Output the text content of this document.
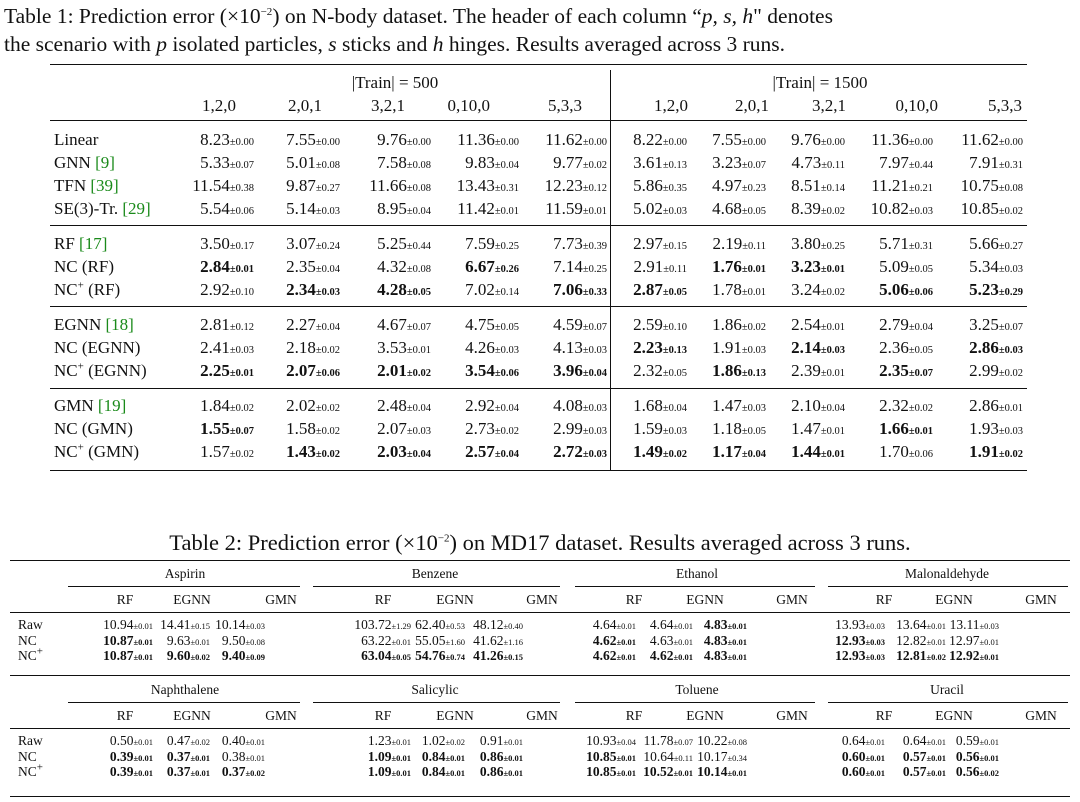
Table 1: Prediction error $(\times 10^{-2})$ on N-body dataset. The header of each column “p, s, h" denotes
the scenario with p isolated particles, s sticks and h hinges. Results averaged across 3 runs.
|Train| = 500	|Train| = 1500
1,2,0	2,0,1	3,2,1	0,10,0	5,3,3	1,2,0	2,0,1	3,2,1	0,10,0	5,3,3
Linear	8.23±0.00	7.55±0.00	9.76±0.00	11.36±0.00	11.62±0.00	8.22±0.00	7.55±0.00	9.76±0.00	11.36±0.00	11.62±0.00
GNN [9]	5.33±0.07	5.01±0.08	7.58±0.08	9.83±0.04	9.77±0.02	3.61±0.13	3.23±0.07	4.73±0.11	7.97±0.44	7.91±0.31
TFN [39]	11.54±0.38	9.87±0.27	11.66±0.08	13.43±0.31	12.23±0.12	5.86±0.35	4.97±0.23	8.51±0.14	11.21±0.21	10.75±0.08
SE(3)-Tr. [29]	5.54±0.06	5.14±0.03	8.95±0.04	11.42±0.01	11.59±0.01	5.02±0.03	4.68±0.05	8.39±0.02	10.82±0.03	10.85±0.02
RF [17]	3.50±0.17	3.07±0.24	5.25±0.44	7.59±0.25	7.73±0.39	2.97±0.15	2.19±0.11	3.80±0.25	5.71±0.31	5.66±0.27
NC (RF)	2.84±0.01	2.35±0.04	4.32±0.08	6.67±0.26	7.14±0.25	2.91±0.11	1.76±0.01	3.23±0.01	5.09±0.05	5.34±0.03
NC+ (RF)	2.92±0.10	2.34±0.03	4.28±0.05	7.02±0.14	7.06±0.33	2.87±0.05	1.78±0.01	3.24±0.02	5.06±0.06	5.23±0.29
EGNN [18]	2.81±0.12	2.27±0.04	4.67±0.07	4.75±0.05	4.59±0.07	2.59±0.10	1.86±0.02	2.54±0.01	2.79±0.04	3.25±0.07
NC (EGNN)	2.41±0.03	2.18±0.02	3.53±0.01	4.26±0.03	4.13±0.03	2.23±0.13	1.91±0.03	2.14±0.03	2.36±0.05	2.86±0.03
NC+ (EGNN)	2.25±0.01	2.07±0.06	2.01±0.02	3.54±0.06	3.96±0.04	2.32±0.05	1.86±0.13	2.39±0.01	2.35±0.07	2.99±0.02
GMN [19]	1.84±0.02	2.02±0.02	2.48±0.04	2.92±0.04	4.08±0.03	1.68±0.04	1.47±0.03	2.10±0.04	2.32±0.02	2.86±0.01
NC (GMN)	1.55±0.07	1.58±0.02	2.07±0.03	2.73±0.02	2.99±0.03	1.59±0.03	1.18±0.05	1.47±0.01	1.66±0.01	1.93±0.03
NC+ (GMN)	1.57±0.02	1.43±0.02	2.03±0.04	2.57±0.04	2.72±0.03	1.49±0.02	1.17±0.04	1.44±0.01	1.70±0.06	1.91±0.02
Table 2: Prediction error $(\times 10^{-2})$ on MD17 dataset. Results averaged across 3 runs.
Aspirin	Benzene	Ethanol	Malonaldehyde
RF	EGNN	GMN	RF	EGNN	GMN	RF	EGNN	GMN	RF	EGNN	GMN
Raw	10.94±0.01 14.41±0.15 10.14±0.03	103.72±1.29 62.40±0.53 48.12±0.40	4.64±0.01	4.64±0.01 4.83±0.01	13.93±0.03 13.64±0.01 13.11±0.03
NC	10.87±0.01	9.63±0.01 9.50±0.08	63.22±0.01 55.05±1.60 41.62±1.16	4.62±0.01	4.63±0.01 4.83±0.01	12.93±0.03 12.82±0.01 12.97±0.01
NC+	10.87±0.01	9.60±0.02 9.40±0.09	63.04±0.05 54.76±0.74 41.26±0.15	4.62±0.01	4.62±0.01 4.83±0.01	12.93±0.03 12.81±0.02 12.92±0.01
Naphthalene	Salicylic	Toluene	Uracil
RF	EGNN	GMN	RF	EGNN	GMN	RF	EGNN	GMN	RF	EGNN	GMN
Raw	0.50±0.01	0.47±0.02 0.40±0.01	1.23±0.01 1.02±0.02	0.91±0.01	10.93±0.04 11.78±0.07 10.22±0.08	0.64±0.01	0.64±0.01 0.59±0.01
NC	0.39±0.01	0.37±0.01 0.38±0.01	1.09±0.01 0.84±0.01	0.86±0.01	10.85±0.01 10.64±0.11 10.17±0.34	0.60±0.01	0.57±0.01 0.56±0.01
NC+	0.39±0.01	0.37±0.01 0.37±0.02	1.09±0.01 0.84±0.01	0.86±0.01	10.85±0.01 10.52±0.01 10.14±0.01	0.60±0.01	0.57±0.01 0.56±0.02
